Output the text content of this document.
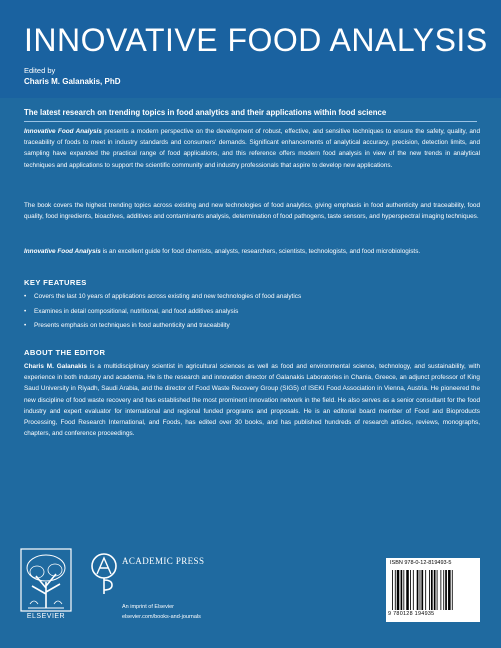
INNOVATIVE FOOD ANALYSIS
Edited by
Charis M. Galanakis, PhD
The latest research on trending topics in food analytics and their applications within food science
Innovative Food Analysis presents a modern perspective on the development of robust, effective, and sensitive techniques to ensure the safety, quality, and traceability of foods to meet in industry standards and consumers' demands. Significant enhancements of analytical accuracy, precision, detection limits, and sampling have expanded the practical range of food applications, and this reference offers modern food analysis in view of the new trends in analytical techniques and applications to support the scientific community and industry professionals that aspire to develop new applications.
The book covers the highest trending topics across existing and new technologies of food analytics, giving emphasis in food authenticity and traceability, food quality, food ingredients, bioactives, additives and contaminants analysis, determination of food pathogens, taste sensors, and hyperspectral imaging techniques.
Innovative Food Analysis is an excellent guide for food chemists, analysts, researchers, scientists, technologists, and food microbiologists.
KEY FEATURES
• Covers the last 10 years of applications across existing and new technologies of food analytics
• Examines in detail compositional, nutritional, and food additives analysis
• Presents emphasis on techniques in food authenticity and traceability
ABOUT THE EDITOR
Charis M. Galanakis is a multidisciplinary scientist in agricultural sciences as well as food and environmental science, technology, and sustainability, with experience in both industry and academia. He is the research and innovation director of Galanakis Laboratories in Chania, Greece, an adjunct professor of King Saud University in Riyadh, Saudi Arabia, and the director of Food Waste Recovery Group (SIG5) of ISEKI Food Association in Vienna, Austria. He pioneered the new discipline of food waste recovery and has established the most prominent innovation network in the field. He also serves as a senior consultant for the food industry and expert evaluator for international and regional funded programs and proposals. He is an editorial board member of Food and Bioproducts Processing, Food Research International, and Foods, has edited over 30 books, and has published hundreds of research articles, reviews, monographs, chapters, and conference proceedings.
ELSEVIER
ACADEMIC PRESS
An imprint of Elsevier
elsevier.com/books-and-journals
ISBN 978-0-12-819493-5
9 780128 194935
